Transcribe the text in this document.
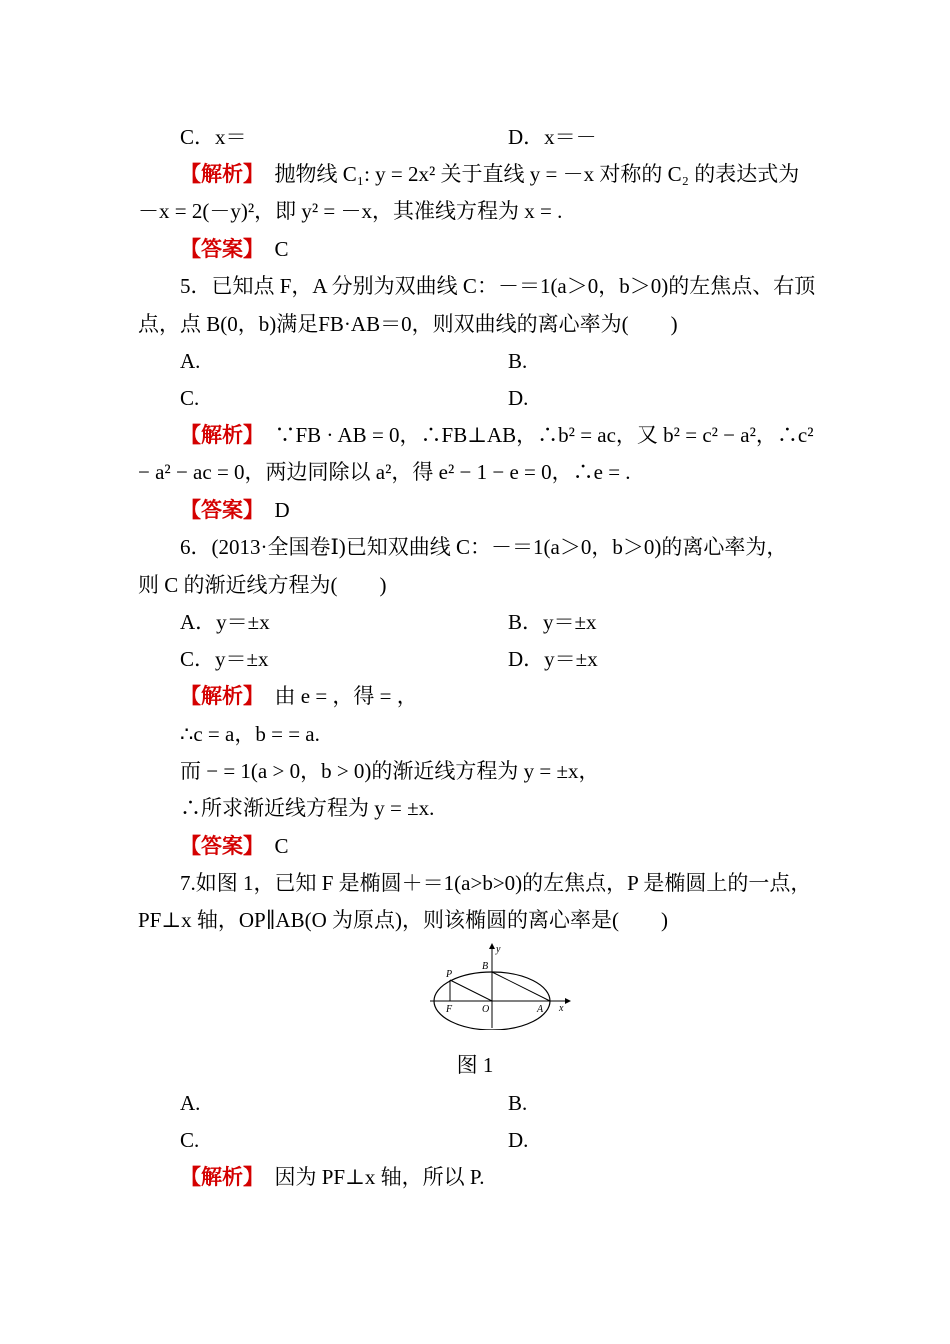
C．x＝	D．x＝－
【解析】　抛物线 C₁: y = 2x² 关于直线 y = －x 对称的 C₂ 的表达式为
－x = 2(－y)²，即 y² = －x，其准线方程为 x = .
【答案】　C
5．已知点 F，A 分别为双曲线 C：－＝1(a＞0，b＞0)的左焦点、右顶
点，点 B(0，b)满足FB·AB＝0，则双曲线的离心率为(　　)
A.	B.
C.	D.
【解析】　∵FB · AB = 0，∴FB⊥AB，∴b² = ac，又 b² = c² − a²，∴c²
− a² − ac = 0，两边同除以 a²，得 e² − 1 − e = 0，∴e = .
【答案】　D
6．(2013·全国卷Ⅰ)已知双曲线 C：－＝1(a＞0，b＞0)的离心率为，
则 C 的渐近线方程为(　　)
A．y＝±x	B．y＝±x
C．y＝±x	D．y＝±x
【解析】　由 e = ，得 = ，
∴c = a，b = = a.
而 − = 1(a > 0，b > 0)的渐近线方程为 y = ±x，
∴所求渐近线方程为 y = ±x.
【答案】　C
7.如图 1，已知 F 是椭圆＋＝1(a>b>0)的左焦点，P 是椭圆上的一点，
PF⊥x 轴，OP∥AB(O 为原点)，则该椭圆的离心率是(　　)
y
x
B
P
F	O	A
图 1
A.	B.
C.	D.
【解析】　因为 PF⊥x 轴，所以 P.
